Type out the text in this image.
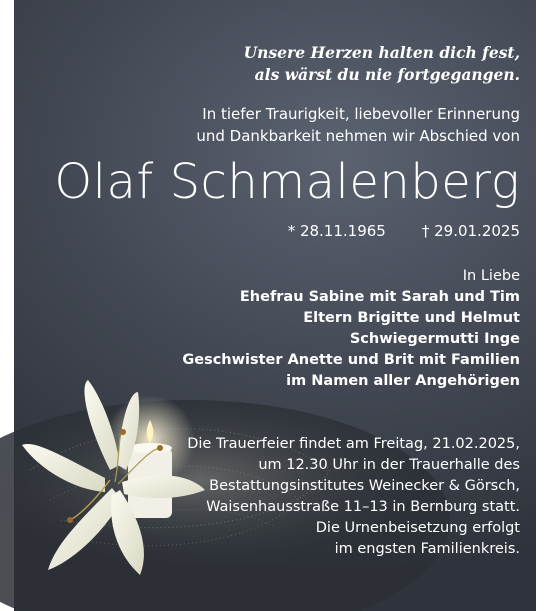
Unsere Herzen halten dich fest,
als wärst du nie fortgegangen.
In tiefer Traurigkeit, liebevoller Erinnerung
und Dankbarkeit nehmen wir Abschied von
Olaf Schmalenberg
* 28.11.1965 † 29.01.2025
In Liebe
Ehefrau Sabine mit Sarah und Tim
Eltern Brigitte und Helmut
Schwiegermutti Inge
Geschwister Anette und Brit mit Familien
im Namen aller Angehörigen
Die Trauerfeier findet am Freitag, 21.02.2025,
um 12.30 Uhr in der Trauerhalle des
Bestattungsinstitutes Weinecker & Görsch,
Waisenhausstraße 11–13 in Bernburg statt.
Die Urnenbeisetzung erfolgt
im engsten Familienkreis.
